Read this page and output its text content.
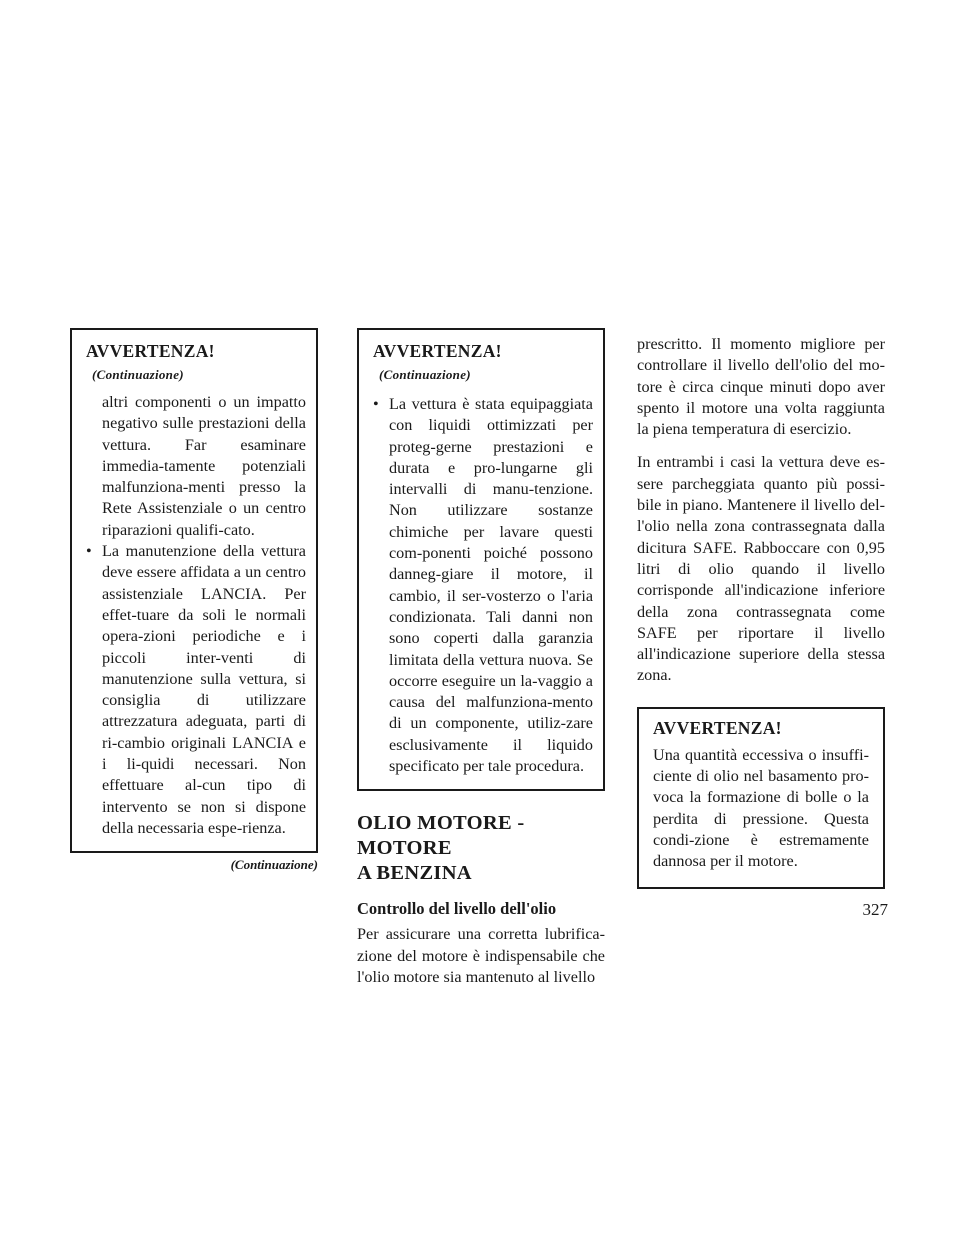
AVVERTENZA!(Continuazione)
altri componenti o un impatto negativo sulle prestazioni della vettura. Far esaminare immedia-tamente potenziali malfunziona-menti presso la Rete Assistenziale o un centro riparazioni qualifi-cato.
• La manutenzione della vettura deve essere affidata a un centro assistenziale LANCIA. Per effet-tuare da soli le normali opera-zioni periodiche e i piccoli inter-venti di manutenzione sulla vettura, si consiglia di utilizzare attrezzatura adeguata, parti di ri-cambio originali LANCIA e i li-quidi necessari. Non effettuare al-cun tipo di intervento se non si dispone della necessaria espe-rienza.
(Continuazione)
AVVERTENZA!(Continuazione)
• La vettura è stata equipaggiata con liquidi ottimizzati per proteg-gerne prestazioni e durata e pro-lungarne gli intervalli di manu-tenzione. Non utilizzare sostanze chimiche per lavare questi com-ponenti poiché possono danneg-giare il motore, il cambio, il ser-vosterzo o l'aria condizionata. Tali danni non sono coperti dalla garanzia limitata della vettura nuova. Se occorre eseguire un la-vaggio a causa del malfunziona-mento di un componente, utiliz-zare esclusivamente il liquido specificato per tale procedura.
OLIO MOTORE - MOTORE
A BENZINA
Controllo del livello dell'olio

Per assicurare una corretta lubrifica-zione del motore è indispensabile che l'olio motore sia mantenuto al livello

prescritto. Il momento migliore per controllare il livello dell'olio del mo-tore è circa cinque minuti dopo aver spento il motore una volta raggiunta la piena temperatura di esercizio.

In entrambi i casi la vettura deve es-sere parcheggiata quanto più possi-bile in piano. Mantenere il livello del-l'olio nella zona contrassegnata dalla dicitura SAFE. Rabboccare con 0,95 litri di olio quando il livello corrisponde all'indicazione inferiore della zona contrassegnata come SAFE per riportare il livello all'indicazione superiore della stessa zona.

AVVERTENZA!

Una quantità eccessiva o insuffi-ciente di olio nel basamento pro-voca la formazione di bolle o la perdita di pressione. Questa condi-zione è estremamente dannosa per il motore.

327
